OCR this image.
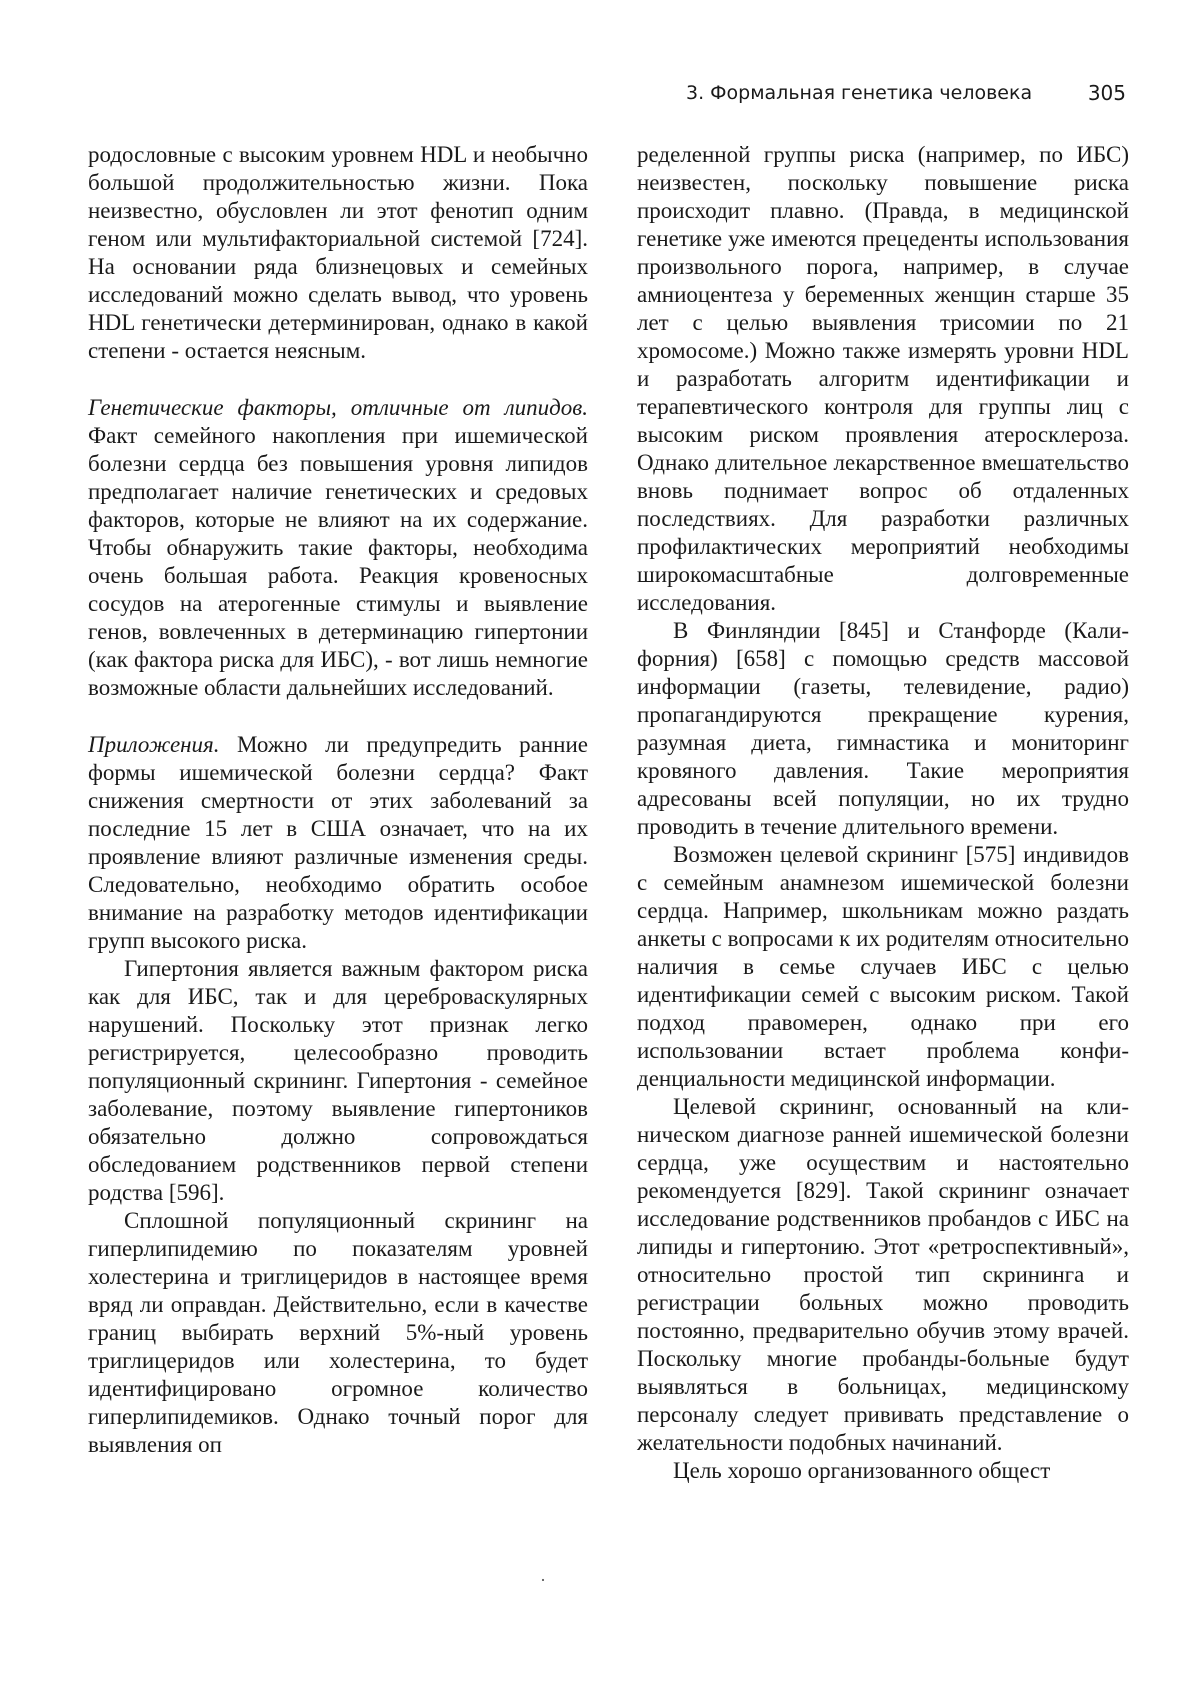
3. Формальная генетика человека	305

родословные с высоким уровнем HDL и необычно большой продолжительностью жизни. Пока неизвестно, обусловлен ли этот фенотип одним геном или мультифакториальной системой [724]. На основании ряда близнецовых и семейных исследований можно сделать вывод, что уровень HDL генетически детерминирован, однако в какой степени - остается неясным.

Генетические факторы, отличные от липидов. Факт семейного накопления при ишемической болезни сердца без повышения уровня липидов предполагает наличие генетических и средовых факторов, которые не влияют на их содержание. Чтобы обнаружить такие факторы, необходима очень большая работа. Реакция кровеносных сосудов на атерогенные стимулы и выявление генов, вовлеченных в детерминацию гипертонии (как фактора риска для ИБС), - вот лишь немногие возможные области дальнейших исследований.

Приложения. Можно ли предупредить ранние формы ишемической болезни сердца? Факт снижения смертности от этих заболеваний за последние 15 лет в США означает, что на их проявление влияют различные изменения среды. Следовательно, необходимо обратить особое внимание на разработку методов идентификации групп высокого риска.

Гипертония является важным фактором риска как для ИБС, так и для цереброваскулярных нарушений. Поскольку этот признак легко регистрируется, целесообразно проводить популяционный скрининг. Гипертония - семейное заболевание, поэтому выявление гипертоников обязательно должно сопровождаться обследованием родственников первой степени родства [596].

Сплошной популяционный скрининг на гиперлипидемию по показателям уровней холестерина и триглицеридов в настоящее время вряд ли оправдан. Действительно, если в качестве границ выбирать верхний 5%-ный уровень триглицеридов или холестерина, то будет идентифицировано огромное количество гиперлипидемиков. Однако точный порог для выявления оп

ределенной группы риска (например, по ИБС) неизвестен, поскольку повышение риска происходит плавно. (Правда, в медицинской генетике уже имеются прецеденты использования произвольного порога, например, в случае амниоцентеза у беременных женщин старше 35 лет с целью выявления трисомии по 21 хромосоме.) Можно также измерять уровни HDL и разработать алгоритм идентификации и терапевтического контроля для группы лиц с высоким риском проявления атеросклероза. Однако длительное лекарственное вмешательство вновь поднимает вопрос об отдаленных последствиях. Для разработки различных профилактических мероприятий необходимы широкомасштабные долговременные исследования.

В Финляндии [845] и Станфорде (Калифорния) [658] с помощью средств массовой информации (газеты, телевидение, радио) пропагандируются прекращение курения, разумная диета, гимнастика и мониторинг кровяного давления. Такие мероприятия адресованы всей популяции, но их трудно проводить в течение длительного времени.

Возможен целевой скрининг [575] индивидов с семейным анамнезом ишемической болезни сердца. Например, школьникам можно раздать анкеты с вопросами к их родителям относительно наличия в семье случаев ИБС с целью идентификации семей с высоким риском. Такой подход правомерен, однако при его использовании встает проблема конфиденциальности медицинской информации.

Целевой скрининг, основанный на клиническом диагнозе ранней ишемической болезни сердца, уже осуществим и настоятельно рекомендуется [829]. Такой скрининг означает исследование родственников пробандов с ИБС на липиды и гипертонию. Этот «ретроспективный», относительно простой тип скрининга и регистрации больных можно проводить постоянно, предварительно обучив этому врачей. Поскольку многие пробанды-больные будут выявляться в больницах, медицинскому персоналу следует прививать представление о желательности подобных начинаний.

Цель хорошо организованного общест

·
